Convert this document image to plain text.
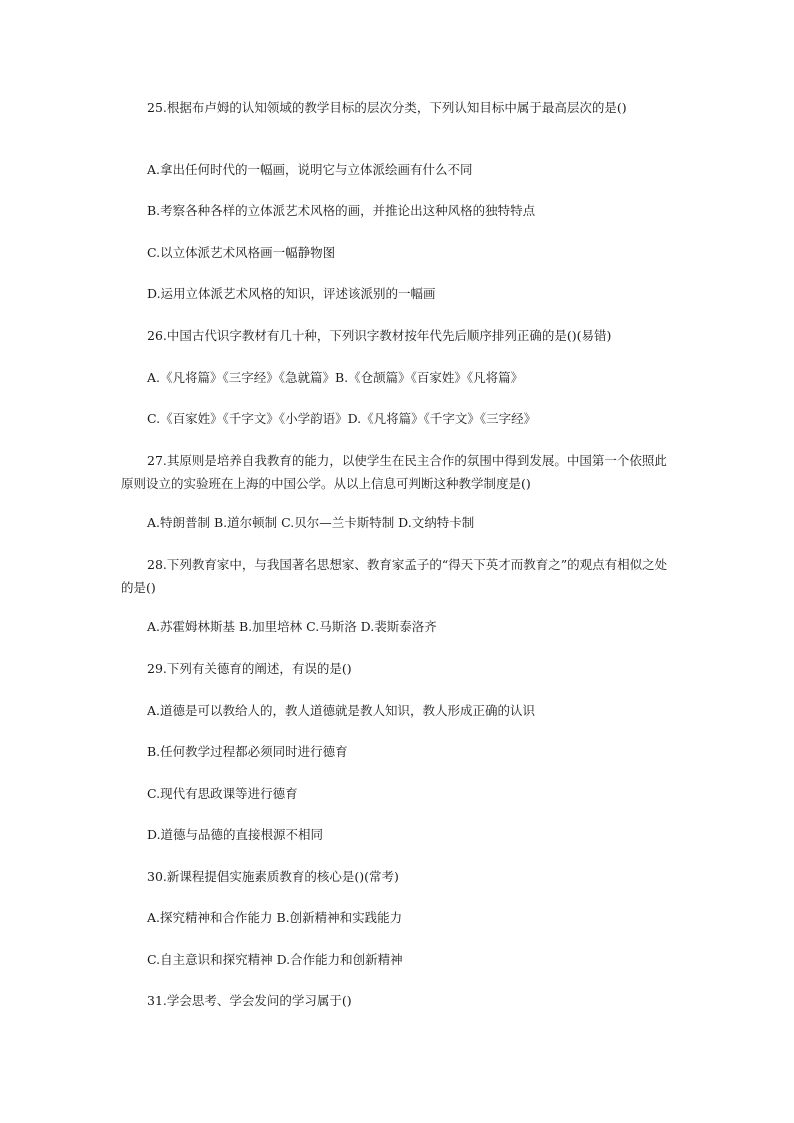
25.根据布卢姆的认知领域的教学目标的层次分类，下列认知目标中属于最高层次的是()
A.拿出任何时代的一幅画，说明它与立体派绘画有什么不同
B.考察各种各样的立体派艺术风格的画，并推论出这种风格的独特特点
C.以立体派艺术风格画一幅静物图
D.运用立体派艺术风格的知识，评述该派别的一幅画
26.中国古代识字教材有几十种，下列识字教材按年代先后顺序排列正确的是()(易错)
A.《凡将篇》《三字经》《急就篇》B.《仓颉篇》《百家姓》《凡将篇》
C.《百家姓》《千字文》《小学韵语》D.《凡将篇》《千字文》《三字经》
27.其原则是培养自我教育的能力，以使学生在民主合作的氛围中得到发展。中国第一个依照此原则设立的实验班在上海的中国公学。从以上信息可判断这种教学制度是()
A.特朗普制 B.道尔顿制 C.贝尔—兰卡斯特制 D.文纳特卡制
28.下列教育家中，与我国著名思想家、教育家孟子的“得天下英才而教育之”的观点有相似之处的是()
A.苏霍姆林斯基 B.加里培林 C.马斯洛 D.裴斯泰洛齐
29.下列有关德育的阐述，有误的是()
A.道德是可以教给人的，教人道德就是教人知识，教人形成正确的认识
B.任何教学过程都必须同时进行德育
C.现代有思政课等进行德育
D.道德与品德的直接根源不相同
30.新课程提倡实施素质教育的核心是()(常考)
A.探究精神和合作能力 B.创新精神和实践能力
C.自主意识和探究精神 D.合作能力和创新精神
31.学会思考、学会发问的学习属于()
